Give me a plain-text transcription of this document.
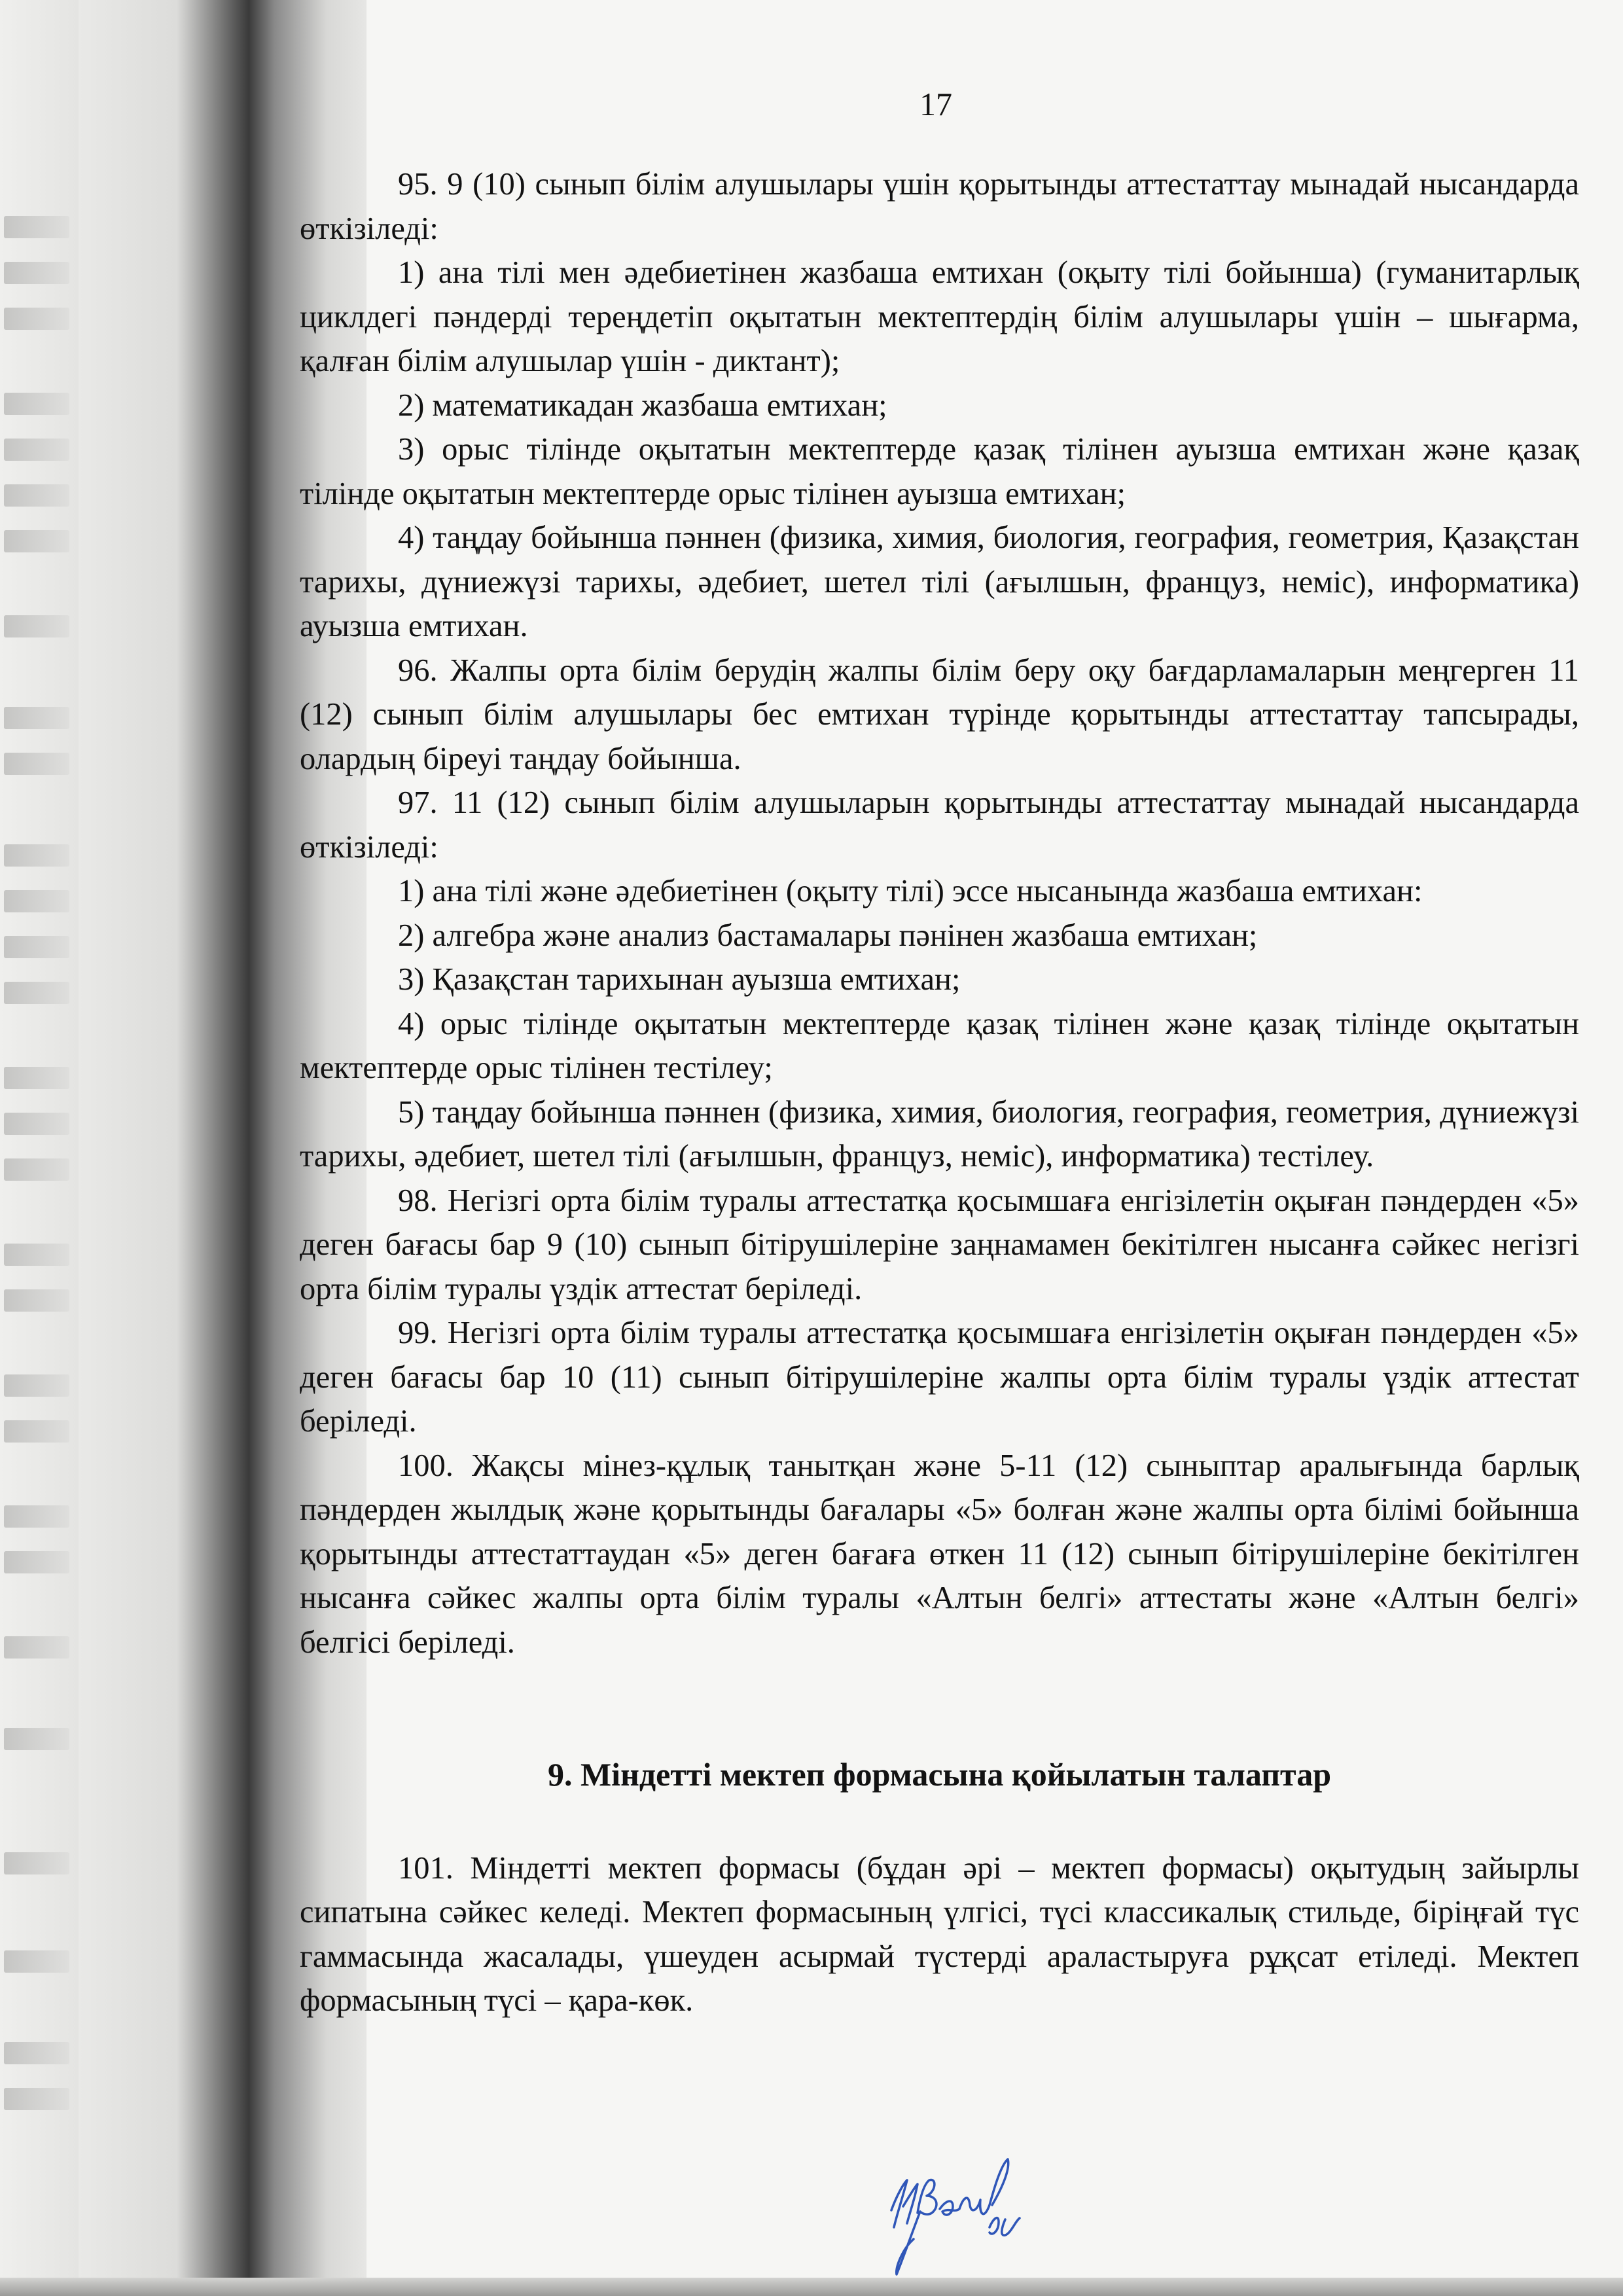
17

95. 9 (10) сынып білім алушылары үшін қорытынды аттестаттау мынадай нысандарда өткізіледі:

1) ана тілі мен әдебиетінен жазбаша емтихан (оқыту тілі бойынша) (гуманитарлық циклдегі пәндерді тереңдетіп оқытатын мектептердің білім алушылары үшін – шығарма, қалған білім алушылар үшін - диктант);

2) математикадан жазбаша емтихан;

3) орыс тілінде оқытатын мектептерде қазақ тілінен ауызша емтихан және қазақ тілінде оқытатын мектептерде орыс тілінен ауызша емтихан;

4) таңдау бойынша пәннен (физика, химия, биология, география, геометрия, Қазақстан тарихы, дүниежүзі тарихы, әдебиет, шетел тілі (ағылшын, француз, неміс), информатика) ауызша емтихан.

96. Жалпы орта білім берудің жалпы білім беру оқу бағдарламаларын меңгерген 11 (12) сынып білім алушылары бес емтихан түрінде қорытынды аттестаттау тапсырады, олардың біреуі таңдау бойынша.

97. 11 (12) сынып білім алушыларын қорытынды аттестаттау мынадай нысандарда өткізіледі:

1) ана тілі және әдебиетінен (оқыту тілі) эссе нысанында жазбаша емтихан:

2) алгебра және анализ бастамалары пәнінен жазбаша емтихан;

3) Қазақстан тарихынан ауызша емтихан;

4) орыс тілінде оқытатын мектептерде қазақ тілінен және қазақ тілінде оқытатын мектептерде орыс тілінен тестілеу;

5) таңдау бойынша пәннен (физика, химия, биология, география, геометрия, дүниежүзі тарихы, әдебиет, шетел тілі (ағылшын, француз, неміс), информатика) тестілеу.

98. Негізгі орта білім туралы аттестатқа қосымшаға енгізілетін оқыған пәндерден «5» деген бағасы бар 9 (10) сынып бітірушілеріне заңнамамен бекітілген нысанға сәйкес негізгі орта білім туралы үздік аттестат беріледі.

99. Негізгі орта білім туралы аттестатқа қосымшаға енгізілетін оқыған пәндерден «5» деген бағасы бар 10 (11) сынып бітірушілеріне жалпы орта білім туралы үздік аттестат беріледі.

100. Жақсы мінез-құлық танытқан және 5-11 (12) сыныптар аралығында барлық пәндерден жылдық және қорытынды бағалары «5» болған және жалпы орта білімі бойынша қорытынды аттестаттаудан «5» деген бағаға өткен 11 (12) сынып бітірушілеріне бекітілген нысанға сәйкес жалпы орта білім туралы «Алтын белгі» аттестаты және «Алтын белгі» белгісі беріледі.

9. Міндетті мектеп формасына қойылатын талаптар

101. Міндетті мектеп формасы (бұдан әрі – мектеп формасы) оқытудың зайырлы сипатына сәйкес келеді. Мектеп формасының үлгісі, түсі классикалық стильде, біріңғай түс гаммасында жасалады, үшеуден асырмай түстерді араластыруға рұқсат етіледі. Мектеп формасының түсі – қара-көк.
